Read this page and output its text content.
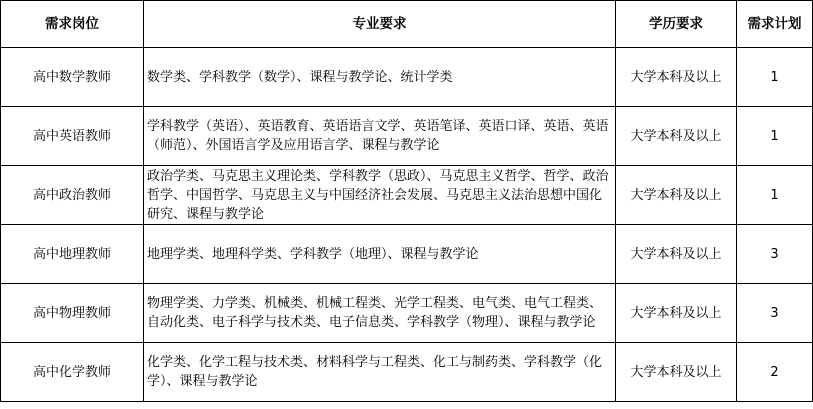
需求岗位	专业要求	学历要求	需求计划
高中数学教师	数学类、学科教学（数学）、课程与教学论、统计学类	大学本科及以上	1
高中英语教师	学科教学（英语）、英语教育、英语语言文学、英语笔译、英语口译、英语、英语（师范）、外国语言学及应用语言学、课程与教学论	大学本科及以上	1
高中政治教师	政治学类、马克思主义理论类、学科教学（思政）、马克思主义哲学、哲学、政治哲学、中国哲学、马克思主义与中国经济社会发展、马克思主义法治思想中国化研究、课程与教学论	大学本科及以上	1
高中地理教师	地理学类、地理科学类、学科教学（地理）、课程与教学论	大学本科及以上	3
高中物理教师	物理学类、力学类、机械类、机械工程类、光学工程类、电气类、电气工程类、自动化类、电子科学与技术类、电子信息类、学科教学（物理）、课程与教学论	大学本科及以上	3
高中化学教师	化学类、化学工程与技术类、材料科学与工程类、化工与制药类、学科教学（化学）、课程与教学论	大学本科及以上	2
